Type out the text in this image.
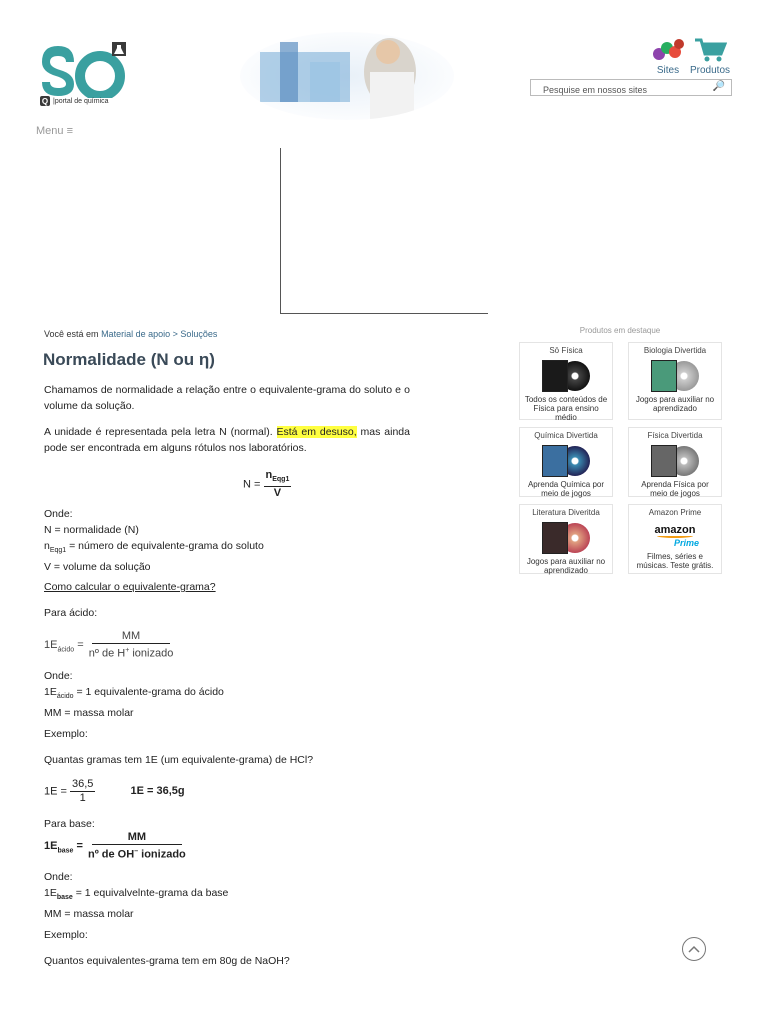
Q |portal de química
Sites	Produtos
Pesquise em nossos sites
🔎
Menu ≡
Você está em Material de apoio > Soluções
Normalidade (N ou η)

Chamamos de normalidade a relação entre o equivalente-grama do soluto e o volume da solução.

A unidade é representada pela letra N (normal). Está em desuso, mas ainda pode ser encontrada em alguns rótulos nos laboratórios.

$N = \frac{n_{Eqg1}}{V}$
Onde:
N = normalidade (N)
$n_{Eqg1}$ = número de equivalente-grama do soluto
V = volume da solução
Como calcular o equivalente-grama?

Para ácido:

$1E_{ácido} = \frac{MM}{nº de H^+ ionizado}$
Onde:
$1E_{ácido} = 1$ equivalente-grama do ácido
MM = massa molar

Exemplo:

Quantas gramas tem 1E (um equivalente-grama) de HCl?

$1E = \frac{36,5}{1}$	1E = 36,5g

Para base:

$1E_{base} = \frac{MM}{nº de OH^- ionizado}$
Onde:
$1E_{base} = 1$ equivalvelnte-grama da base
MM = massa molar

Exemplo:

Quantos equivalentes-grama tem em 80g de NaOH?

Produtos em destaque
Sō Física
Todos os conteúdos de Física para ensino médio
Biologia Divertida
Jogos para auxiliar no aprendizado
Química Divertida
Aprenda Química por meio de jogos
Física Divertida
Aprenda Física por meio de jogos
Literatura Diveritda
Jogos para auxiliar no aprendizado
Amazon Prime
amazon
Prime
Filmes, séries e músicas. Teste grátis.
